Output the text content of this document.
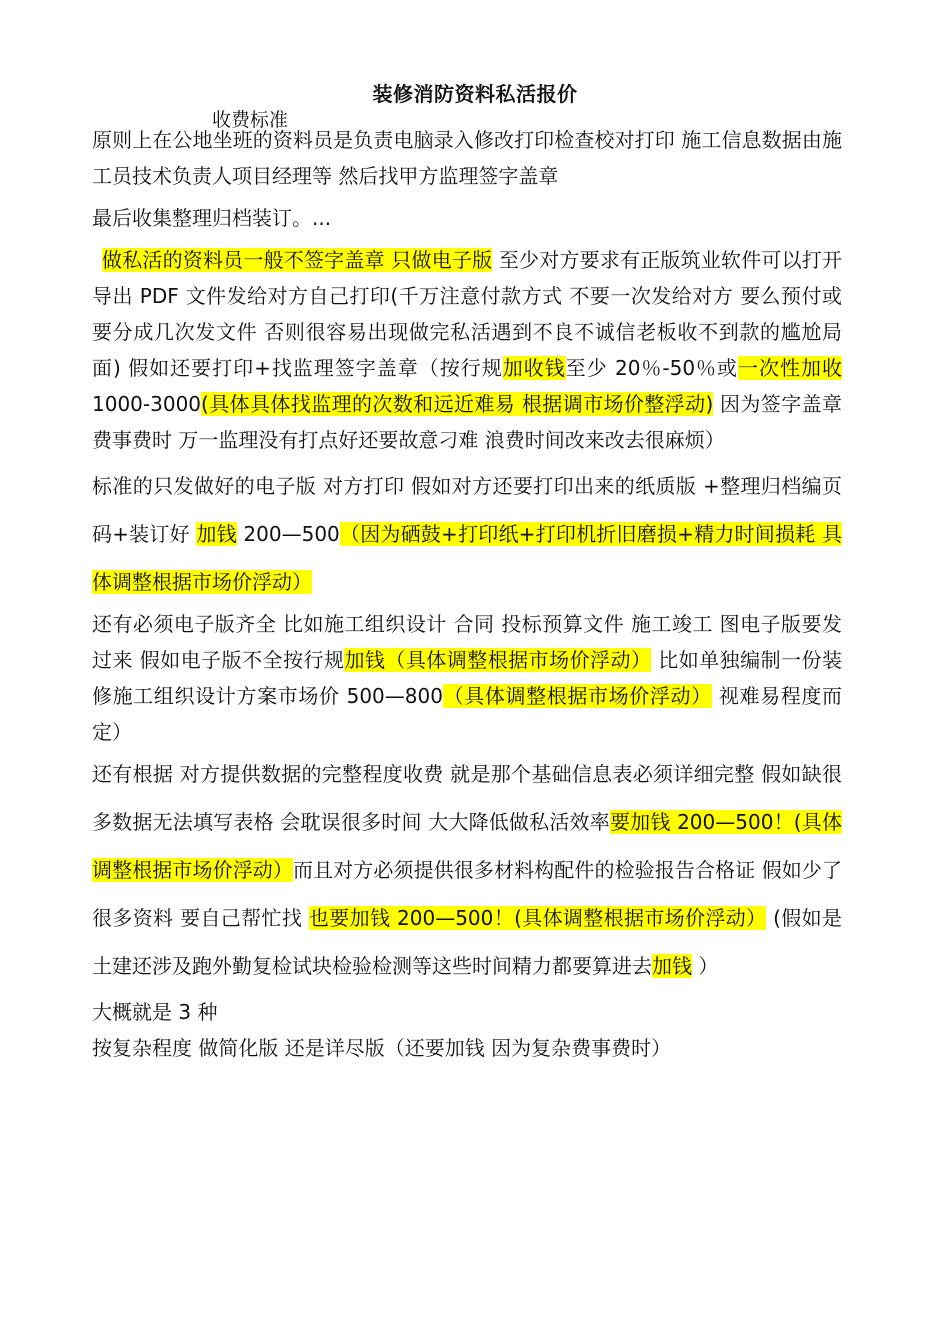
装修消防资料私活报价
收费标准

原则上在公地坐班的资料员是负责电脑录入修改打印检查校对打印 施工信息数据由施工员技术负责人项目经理等 然后找甲方监理签字盖章

最后收集整理归档装订。...

做私活的资料员一般不签字盖章 只做电子版 至少对方要求有正版筑业软件可以打开 导出 PDF 文件发给对方自己打印(千万注意付款方式 不要一次发给对方 要么预付或要分成几次发文件 否则很容易出现做完私活遇到不良不诚信老板收不到款的尴尬局面) 假如还要打印+找监理签字盖章（按行规加收钱至少 20％-50％或一次性加收 1000-3000(具体具体找监理的次数和远近难易 根据调市场价整浮动) 因为签字盖章费事费时 万一监理没有打点好还要故意刁难 浪费时间改来改去很麻烦）

标准的只发做好的电子版 对方打印 假如对方还要打印出来的纸质版 +整理归档编页码+装订好 加钱 200—500（因为硒鼓+打印纸+打印机折旧磨损+精力时间损耗 具体调整根据市场价浮动）

还有必须电子版齐全 比如施工组织设计 合同 投标预算文件 施工竣工 图电子版要发过来 假如电子版不全按行规加钱（具体调整根据市场价浮动） 比如单独编制一份装修施工组织设计方案市场价 500—800（具体调整根据市场价浮动） 视难易程度而定）

还有根据 对方提供数据的完整程度收费 就是那个基础信息表必须详细完整 假如缺很多数据无法填写表格 会耽误很多时间 大大降低做私活效率要加钱 200—500！(具体调整根据市场价浮动）而且对方必须提供很多材料构配件的检验报告合格证 假如少了很多资料 要自己帮忙找 也要加钱 200—500！(具体调整根据市场价浮动） (假如是土建还涉及跑外勤复检试块检验检测等这些时间精力都要算进去加钱 ）

大概就是 3 种

按复杂程度 做简化版 还是详尽版（还要加钱 因为复杂费事费时）
